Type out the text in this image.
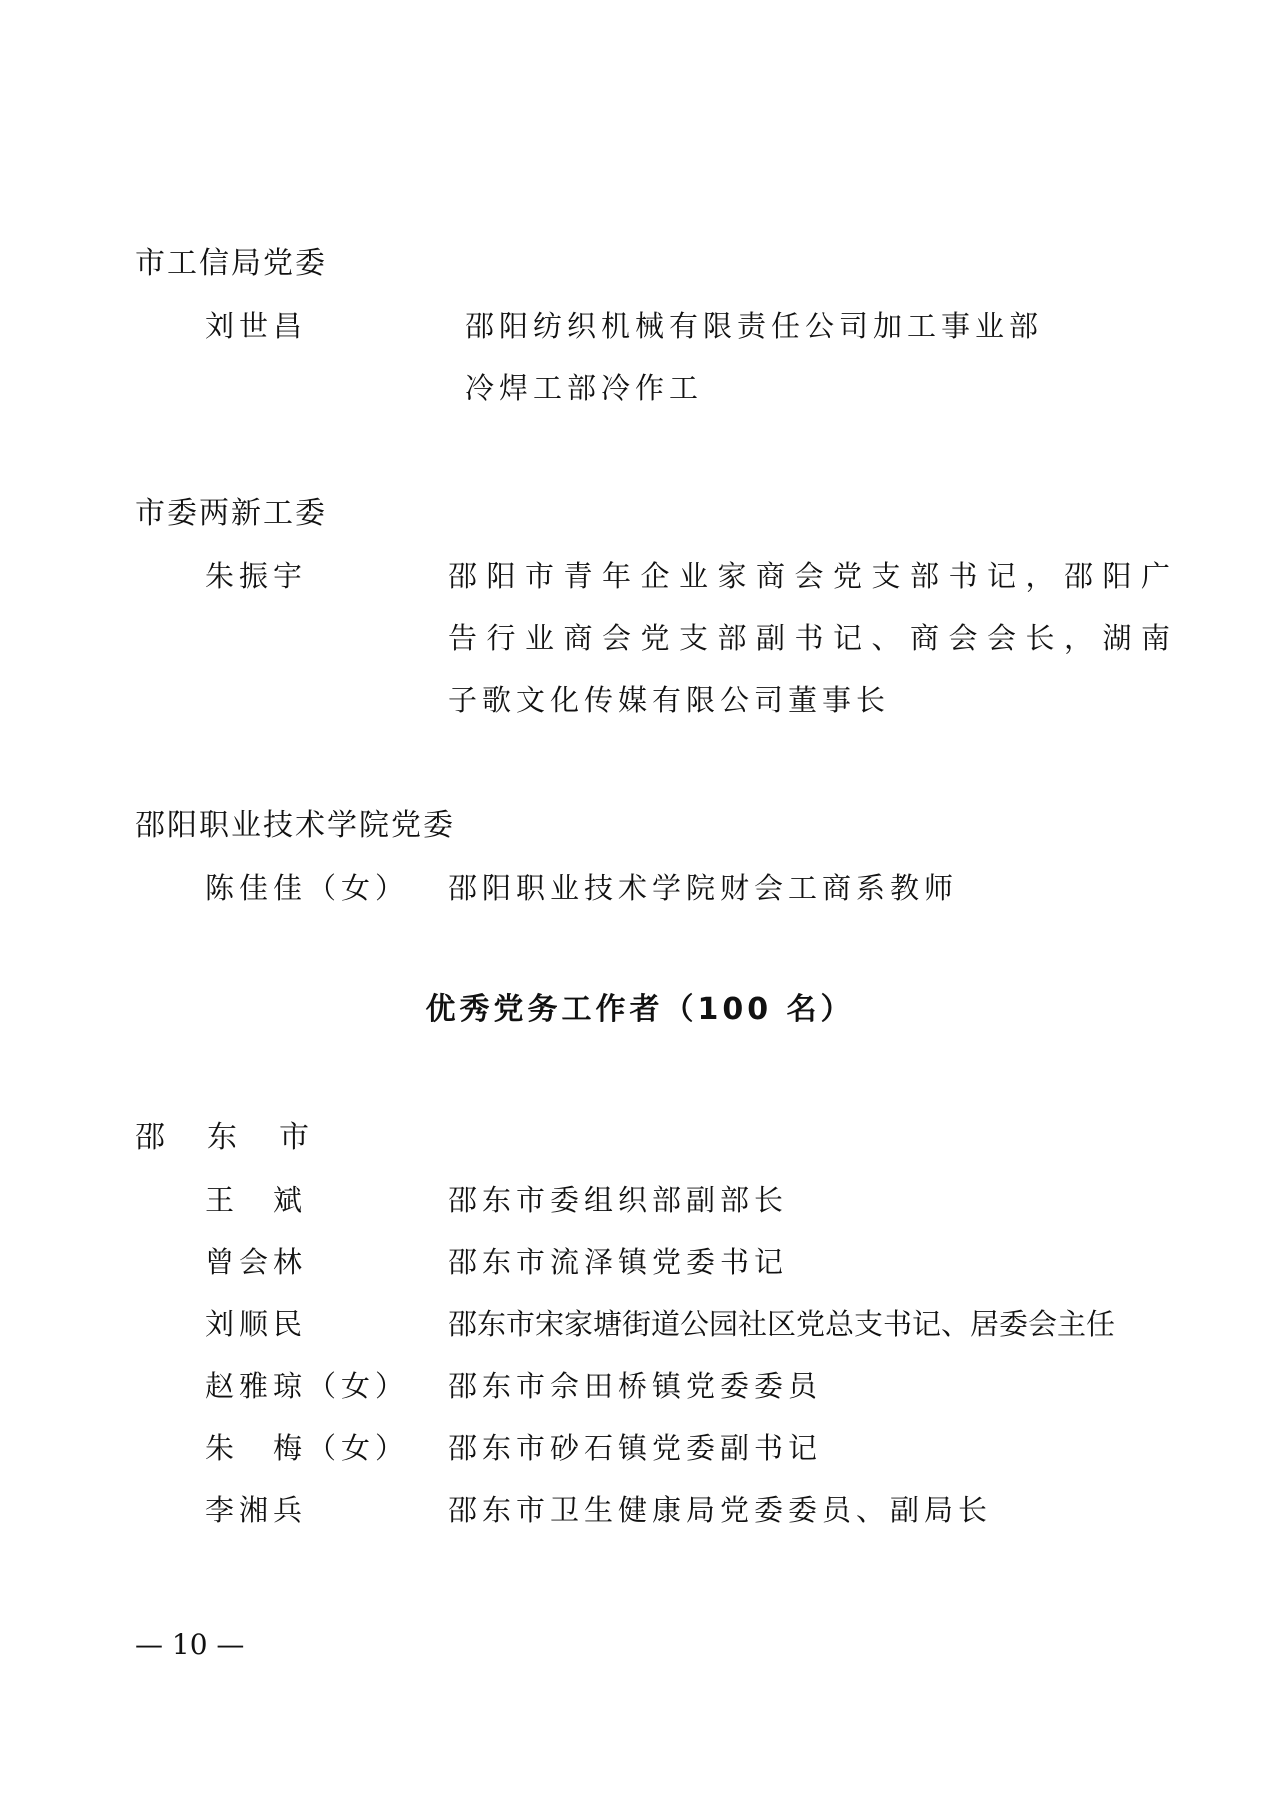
市工信局党委
刘世昌	邵阳纺织机械有限责任公司加工事业部
冷焊工部冷作工
市委两新工委
朱振宇	邵阳市青年企业家商会党支部书记，邵阳广
告行业商会党支部副书记、商会会长，湖南
子歌文化传媒有限公司董事长
邵阳职业技术学院党委
陈佳佳（女） 邵阳职业技术学院财会工商系教师
优秀党务工作者（100 名）
邵　东　市
王　斌	邵东市委组织部副部长
曾会林	邵东市流泽镇党委书记
刘顺民	邵东市宋家塘街道公园社区党总支书记、居委会主任
赵雅琼（女） 邵东市佘田桥镇党委委员
朱　梅（女） 邵东市砂石镇党委副书记
李湘兵	邵东市卫生健康局党委委员、副局长
— 10 —
